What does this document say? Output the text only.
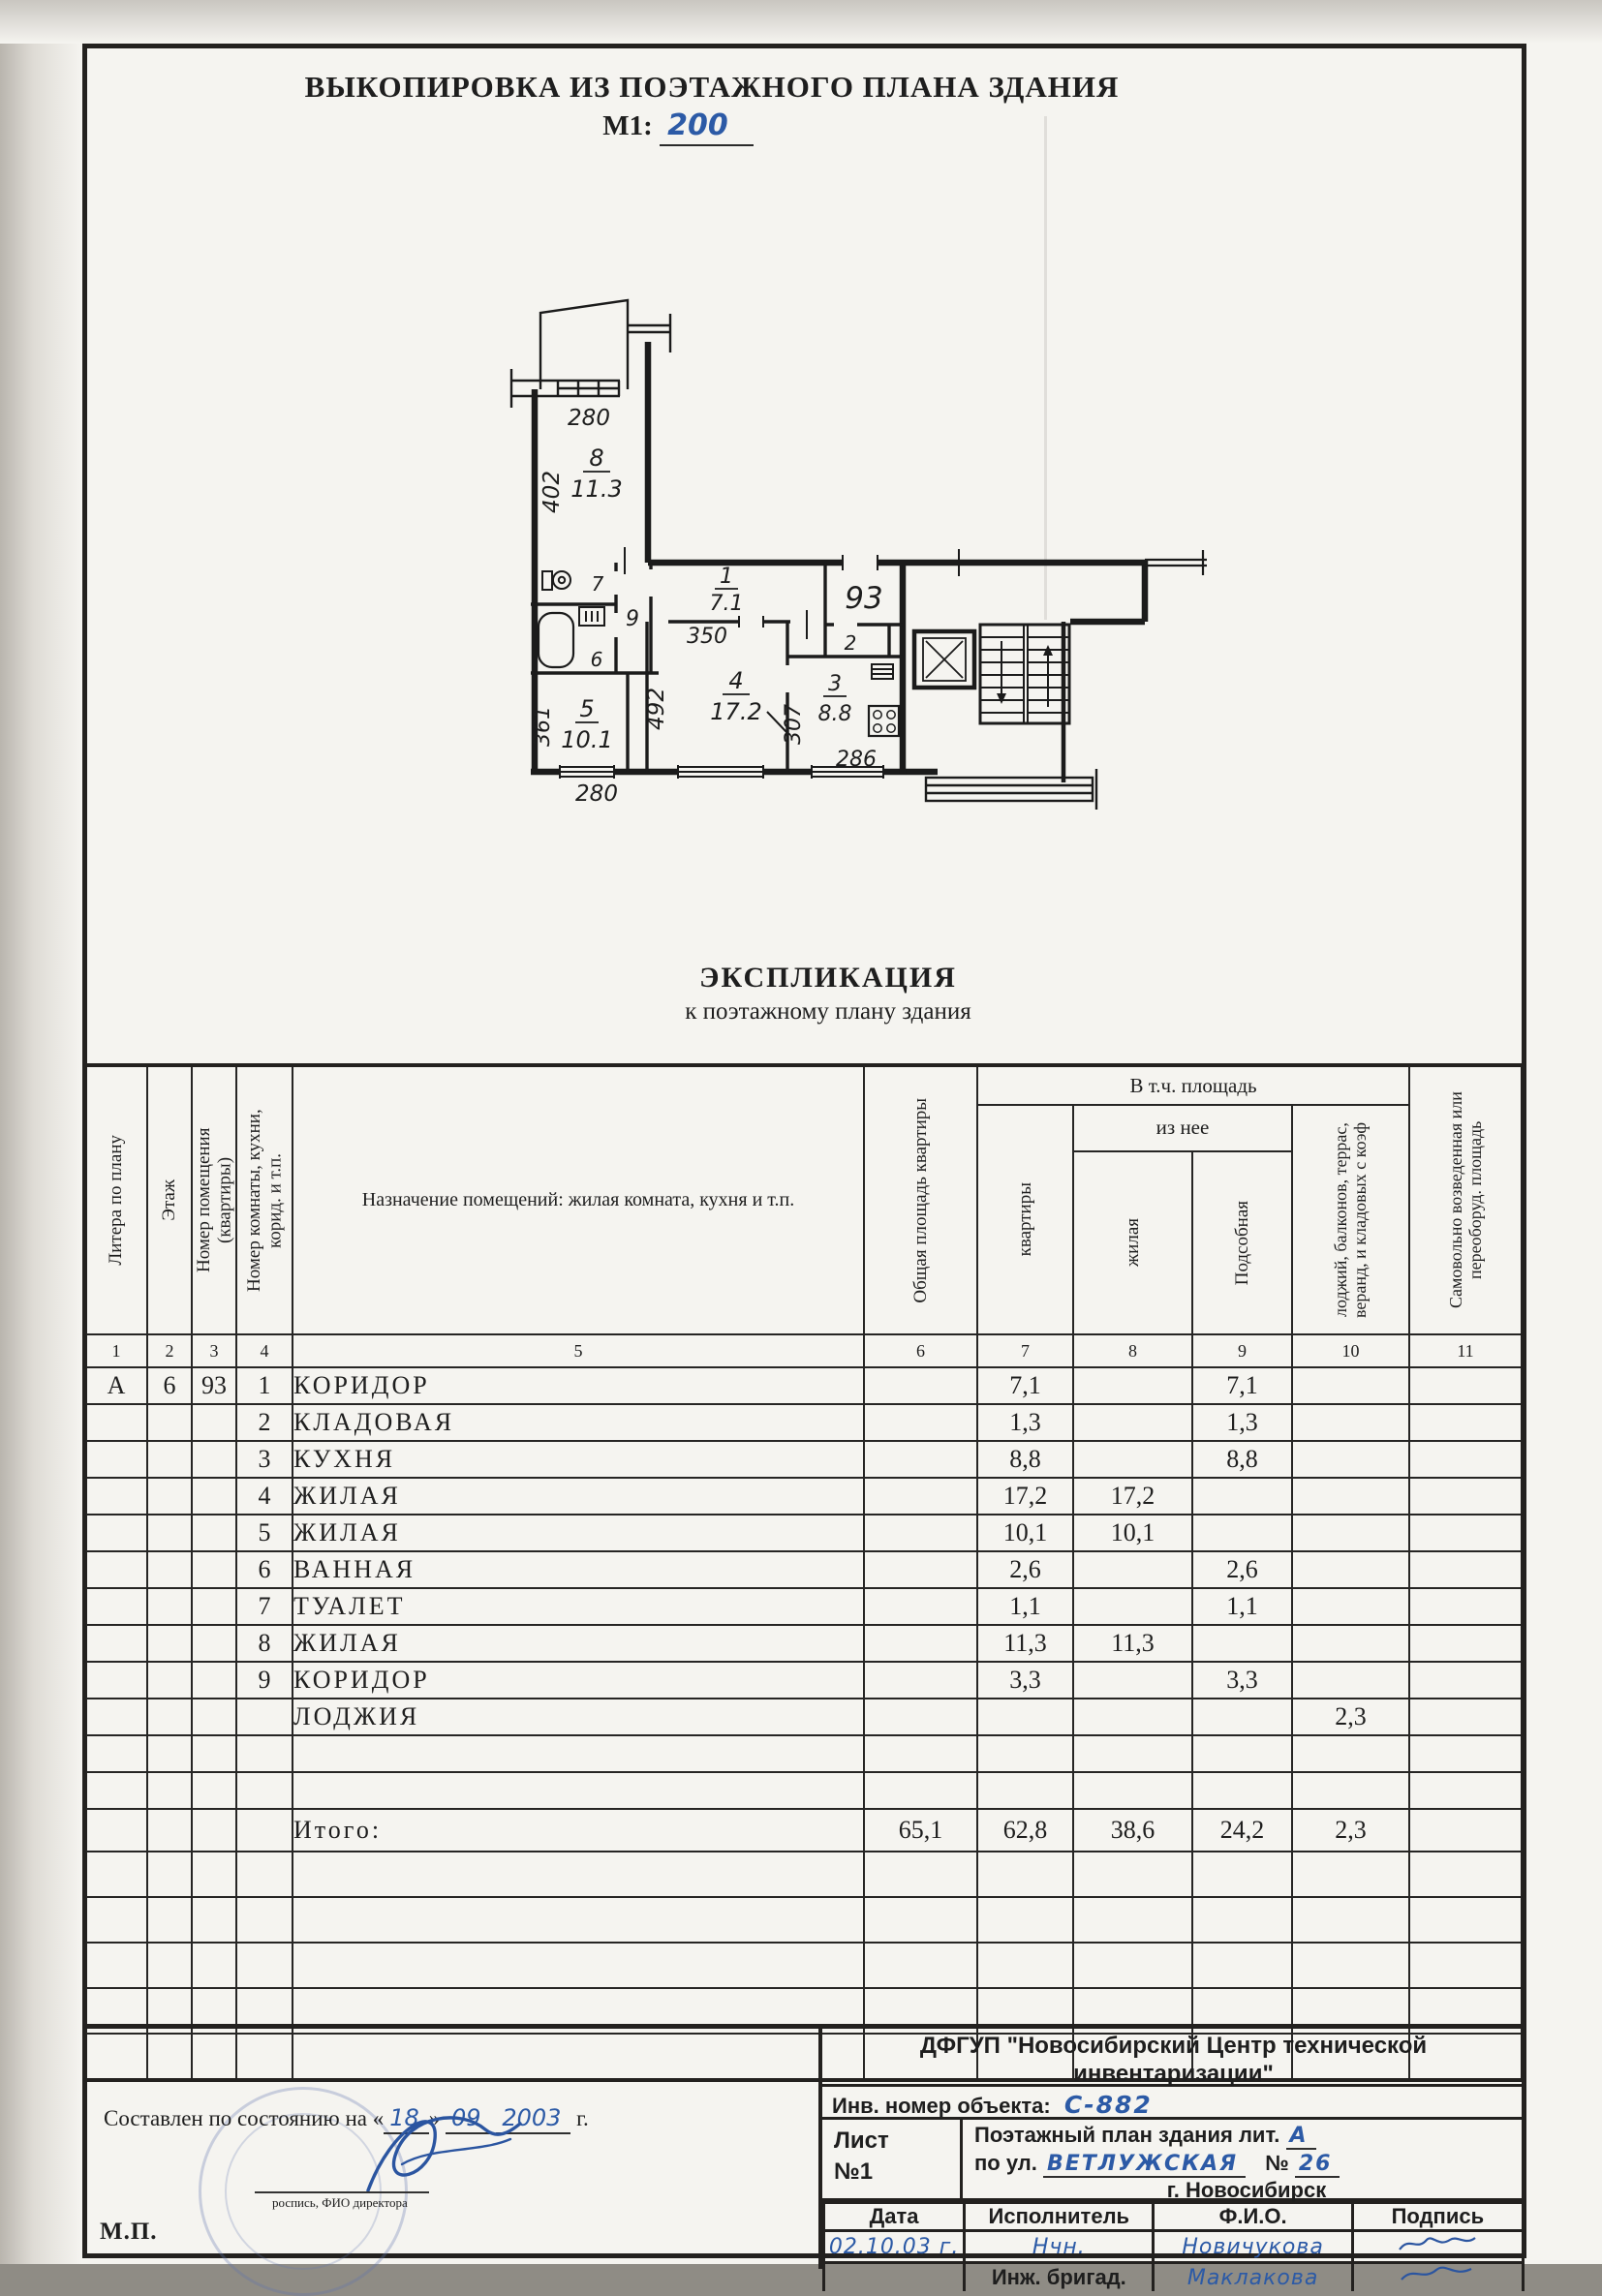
ВЫКОПИРОВКА ИЗ ПОЭТАЖНОГО ПЛАНА ЗДАНИЯ
М1: 200
280
402
8
11.3
7
6
9
1
7.1
350
93
2
492
4
17.2
361 5
10.1
280
307
3
8.8
286
ЭКСПЛИКАЦИЯ
к поэтажному плану здания
Литера по плану	Этаж	Номер помещения (квартиры)	Номер комнаты, кухни, корид. и т.п.	Назначение помещений: жилая комната, кухня и т.п.	Общая площадь квартиры	В т.ч. площадь				Самовольно возведенная или переоборуд. площадь

						квартиры	из нее		лоджий, балконов, террас, веранд, и кладовых с коэф	

							жилая	Подсобная		

1	2	3	4	5	6	7	8	9	10	11
А	6	93	1	КОРИДОР		7,1		7,1		
			2	КЛАДОВАЯ		1,3		1,3		
			3	КУХНЯ		8,8		8,8		
			4	ЖИЛАЯ		17,2	17,2			
			5	ЖИЛАЯ		10,1	10,1			
			6	ВАННАЯ		2,6		2,6		
			7	ТУАЛЕТ		1,1		1,1		
			8	ЖИЛАЯ		11,3	11,3			
			9	КОРИДОР		3,3		3,3		
				ЛОДЖИЯ					2,3	

				Итого:	65,1	62,8	38,6	24,2	2,3	

Составлен по состоянию на « 18 » 09 2003 г.
роспись, ФИО директора
М.П.
ДФГУП "Новосибирский Центр технической
инвентаризации"
Инв. номер объекта: С-882
Лист
№1
Поэтажный план здания лит. А
по ул. ВЕТЛУЖСКАЯ № 26
г. Новосибирск
Дата	Исполнитель	Ф.И.О.	Подпись
02.10.03 г.	Нчн.	Новичукова	
	Инж. бригад.	Маклакова	
